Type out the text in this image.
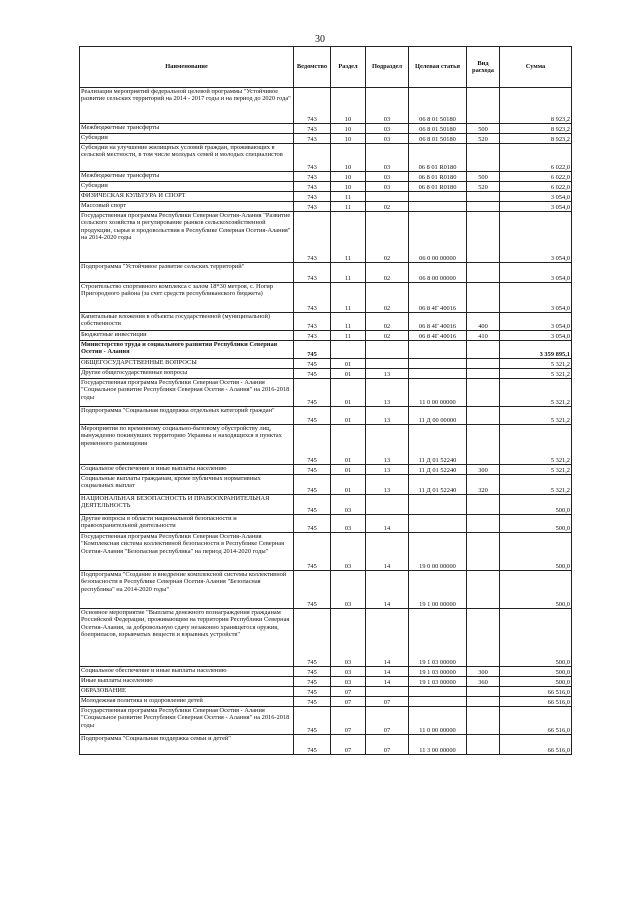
30
Наименование	Ведомство	Раздел	Подраздел	Целевая статья	Вид расхода	Сумма
Реализация мероприятий федеральной целевой программы "Устойчивое развитие сельских территорий на 2014 - 2017 годы и на период до 2020 года"	743	10	03	06 8 01 50180		8 923,2
Межбюджетные трансферты	743	10	03	06 8 01 50180	500	8 923,2
Субсидии	743	10	03	06 8 01 50180	520	8 923,2
Субсидии на улучшение жилищных условий граждан, проживающих в сельской местности, в том числе молодых семей и молодых специалистов	743	10	03	06 8 01 R0180		6 022,0
Межбюджетные трансферты	743	10	03	06 8 01 R0180	500	6 022,0
Субсидии	743	10	03	06 8 01 R0180	520	6 022,0
ФИЗИЧЕСКАЯ КУЛЬТУРА И СПОРТ	743	11				3 054,0
Массовый спорт	743	11	02			3 054,0
Государственная программа Республики Северная Осетия-Алания "Развитие сельского хозяйства и регулирование рынков сельскохозяйственной продукции, сырья и продовольствия в Республике Северная Осетия-Алания" на 2014-2020 годы	743	11	02	06 0 00 00000		3 054,0
Подпрограмма "Устойчивое развитие сельских территорий"	743	11	02	06 8 00 00000		3 054,0
Строительство спортивного комплекса с залом 18*30 метров, с. Ногир Пригородного района (за счет средств республиканского бюджета)	743	11	02	06 8 4Г 40016		3 054,0
Капитальные вложения в объекты государственной (муниципальной) собственности	743	11	02	06 8 4Г 40016	400	3 054,0
Бюджетные инвестиции	743	11	02	06 8 4Г 40016	410	3 054,0
Министерство труда и социального развития Республики Северная Осетия - Алания	745					3 359 895,1
ОБЩЕГОСУДАРСТВЕННЫЕ ВОПРОСЫ	745	01				5 321,2
Другие общегосударственные вопросы	745	01	13			5 321,2
Государственная программа Республики Северная Осетия - Алания "Социальное развитие Республики Северная Осетия - Алания" на 2016-2018 годы	745	01	13	11 0 00 00000		5 321,2
Подпрограмма "Социальная поддержка отдельных категорий граждан"	745	01	13	11 Д 00 00000		5 321,2
Мероприятия по временному социально-бытовому обустройству лиц, вынужденно покинувших территорию Украины и находящихся в пунктах временного размещения	745	01	13	11 Д 01 52240		5 321,2
Социальное обеспечение и иные выплаты населению	745	01	13	11 Д 01 52240	300	5 321,2
Социальные выплаты гражданам, кроме публичных нормативных социальных выплат	745	01	13	11 Д 01 52240	320	5 321,2
НАЦИОНАЛЬНАЯ БЕЗОПАСНОСТЬ И ПРАВООХРАНИТЕЛЬНАЯ ДЕЯТЕЛЬНОСТЬ	745	03				500,0
Другие вопросы в области национальной безопасности и правоохранительной деятельности	745	03	14			500,0
Государственная программа Республики Северная Осетия-Алания "Комплексная система коллективной безопасности в Республике Северная Осетия-Алания "Безопасная республика" на период 2014-2020 годы"	745	03	14	19 0 00 00000		500,0
Подпрограмма "Создание и внедрение комплексной системы коллективной безопасности в Республике Северная Осетия-Алания "Безопасная республика" на 2014-2020 годы"	745	03	14	19 1 00 00000		500,0
Основное мероприятие "Выплаты денежного вознаграждения гражданам Российской Федерации, проживающим на территории Республики Северная Осетия-Алания, за добровольную сдачу незаконно хранящегося оружия, боеприпасов, взрывчатых веществ и взрывных устройств"	745	03	14	19 1 03 00000		500,0
Социальное обеспечение и иные выплаты населению	745	03	14	19 1 03 00000	300	500,0
Иные выплаты населению	745	03	14	19 1 03 00000	360	500,0
ОБРАЗОВАНИЕ	745	07				66 516,0
Молодежная политика и оздоровление детей	745	07	07			66 516,0
Государственная программа Республики Северная Осетия - Алания "Социальное развитие Республики Северная Осетия - Алания" на 2016-2018 годы	745	07	07	11 0 00 00000		66 516,0
Подпрограмма "Социальная поддержка семьи и детей"	745	07	07	11 3 00 00000		66 516,0
